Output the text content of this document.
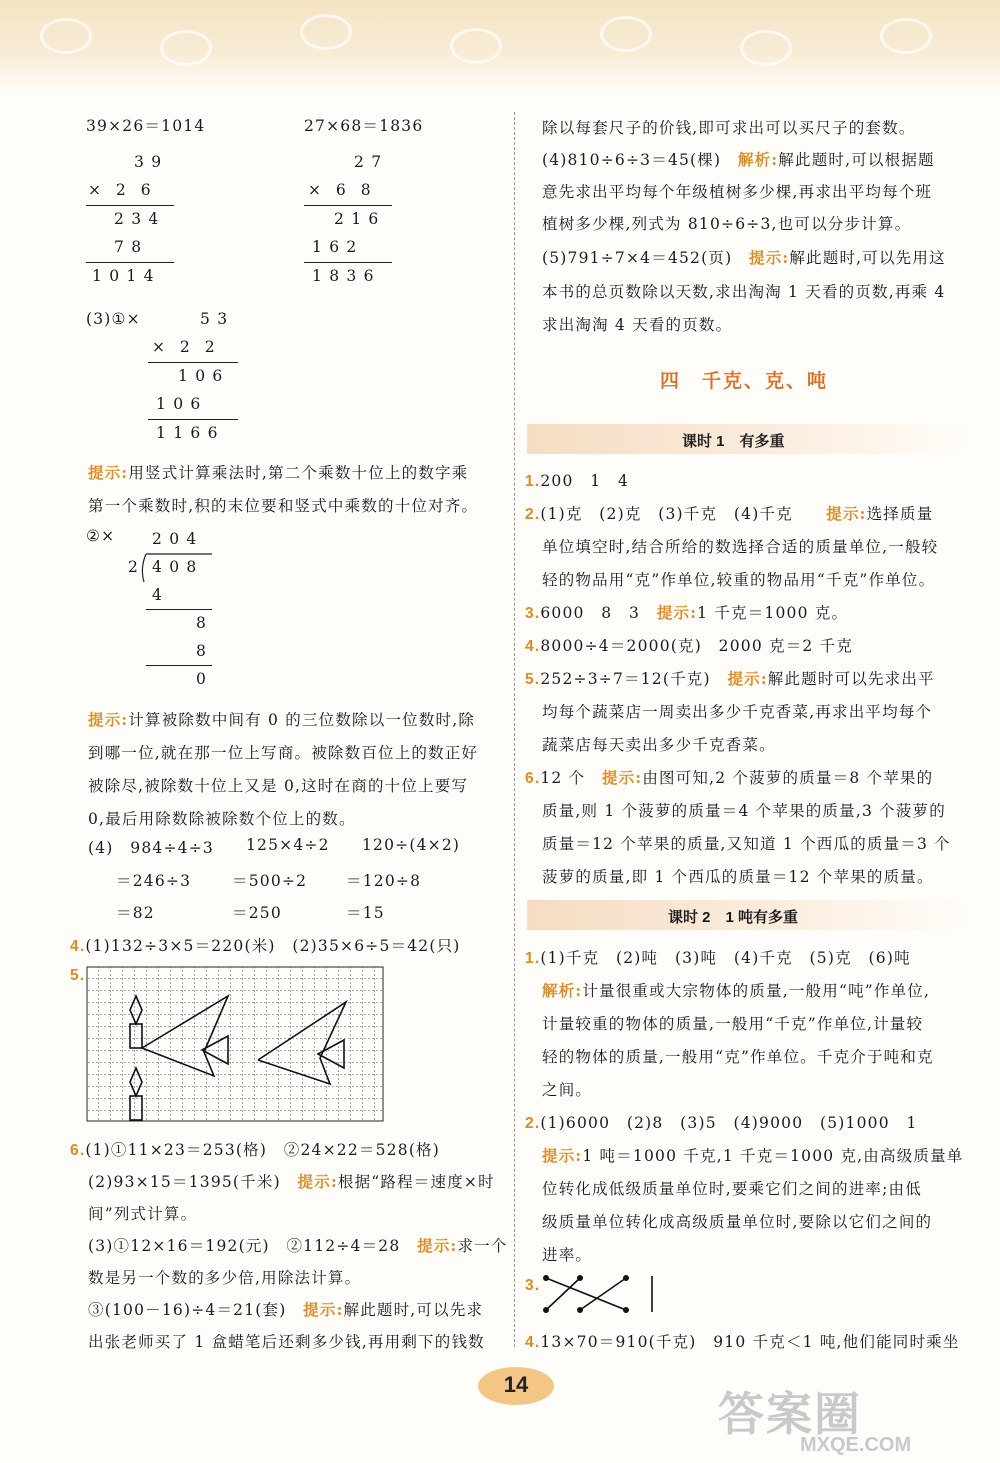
39×26＝1014	27×68＝1836
3 9
× 2 6
2 3 4
7 8
1 0 1 4
2 7
× 6 8
2 1 6
1 6 2
1 8 3 6
(3)①×	5 3
× 2 2
1 0 6
1 0 6
1 1 6 6
提示:用竖式计算乘法时,第二个乘数十位上的数字乘
第一个乘数时,积的末位要和竖式中乘数的十位对齐。
②× 2 0 4
2 4 0 8
4
8
8
0
提示:计算被除数中间有 0 的三位数除以一位数时,除
到哪一位,就在那一位上写商。被除数百位上的数正好
被除尽,被除数十位上又是 0,这时在商的十位上要写
0,最后用除数除被除数个位上的数。
(4)　984÷4÷3
＝246÷3
＝82
125×4÷2
＝500÷2
＝250
120÷(4×2)
＝120÷8
＝15
4.(1)132÷3×5＝220(米)　(2)35×6÷5＝42(只)
5.
6.(1)①11×23＝253(格)　②24×22＝528(格)
(2)93×15＝1395(千米)　 提示:根据“路程＝速度×时
间”列式计算。
(3)①12×16＝192(元)　②112÷4＝28　 提示:求一个
数是另一个数的多少倍,用除法计算。
③(100－16)÷4＝21(套)　 提示:解此题时,可以先求
出张老师买了 1 盒蜡笔后还剩多少钱,再用剩下的钱数
除以每套尺子的价钱,即可求出可以买尺子的套数。
(4)810÷6÷3＝45(棵)　 解析:解此题时,可以根据题
意先求出平均每个年级植树多少棵,再求出平均每个班
植树多少棵,列式为 810÷6÷3,也可以分步计算。
(5)791÷7×4＝452(页)　 提示:解此题时,可以先用这
本书的总页数除以天数,求出淘淘 1 天看的页数,再乘 4
求出淘淘 4 天看的页数。
四　千克、克、吨
课时 1　有多重
1.200　1　4
2.(1)克　(2)克　(3)千克　(4)千克　　 提示:选择质量
单位填空时,结合所给的数选择合适的质量单位,一般较
轻的物品用“克”作单位,较重的物品用“千克”作单位。
3.6000　8　3　 提示:1 千克＝1000 克。
4.8000÷4＝2000(克)　2000 克＝2 千克
5.252÷3÷7＝12(千克)　 提示:解此题时可以先求出平
均每个蔬菜店一周卖出多少千克香菜,再求出平均每个
蔬菜店每天卖出多少千克香菜。
6.12 个　 提示:由图可知,2 个菠萝的质量＝8 个苹果的
质量,则 1 个菠萝的质量＝4 个苹果的质量,3 个菠萝的
质量＝12 个苹果的质量,又知道 1 个西瓜的质量＝3 个
菠萝的质量,即 1 个西瓜的质量＝12 个苹果的质量。
课时 2　1 吨有多重
1.(1)千克　(2)吨　(3)吨　(4)千克　(5)克　(6)吨
解析:计量很重或大宗物体的质量,一般用“吨”作单位,
计量较重的物体的质量,一般用“千克”作单位,计量较
轻的物体的质量,一般用“克”作单位。千克介于吨和克
之间。
2.(1)6000　(2)8　(3)5　(4)9000　(5)1000　1
提示:1 吨＝1000 千克,1 千克＝1000 克,由高级质量单
位转化成低级质量单位时,要乘它们之间的进率;由低
级质量单位转化成高级质量单位时,要除以它们之间的
进率。
3.
4.13×70＝910(千克)　910 千克＜1 吨,他们能同时乘坐
14
答案圈
MXQE.COM
